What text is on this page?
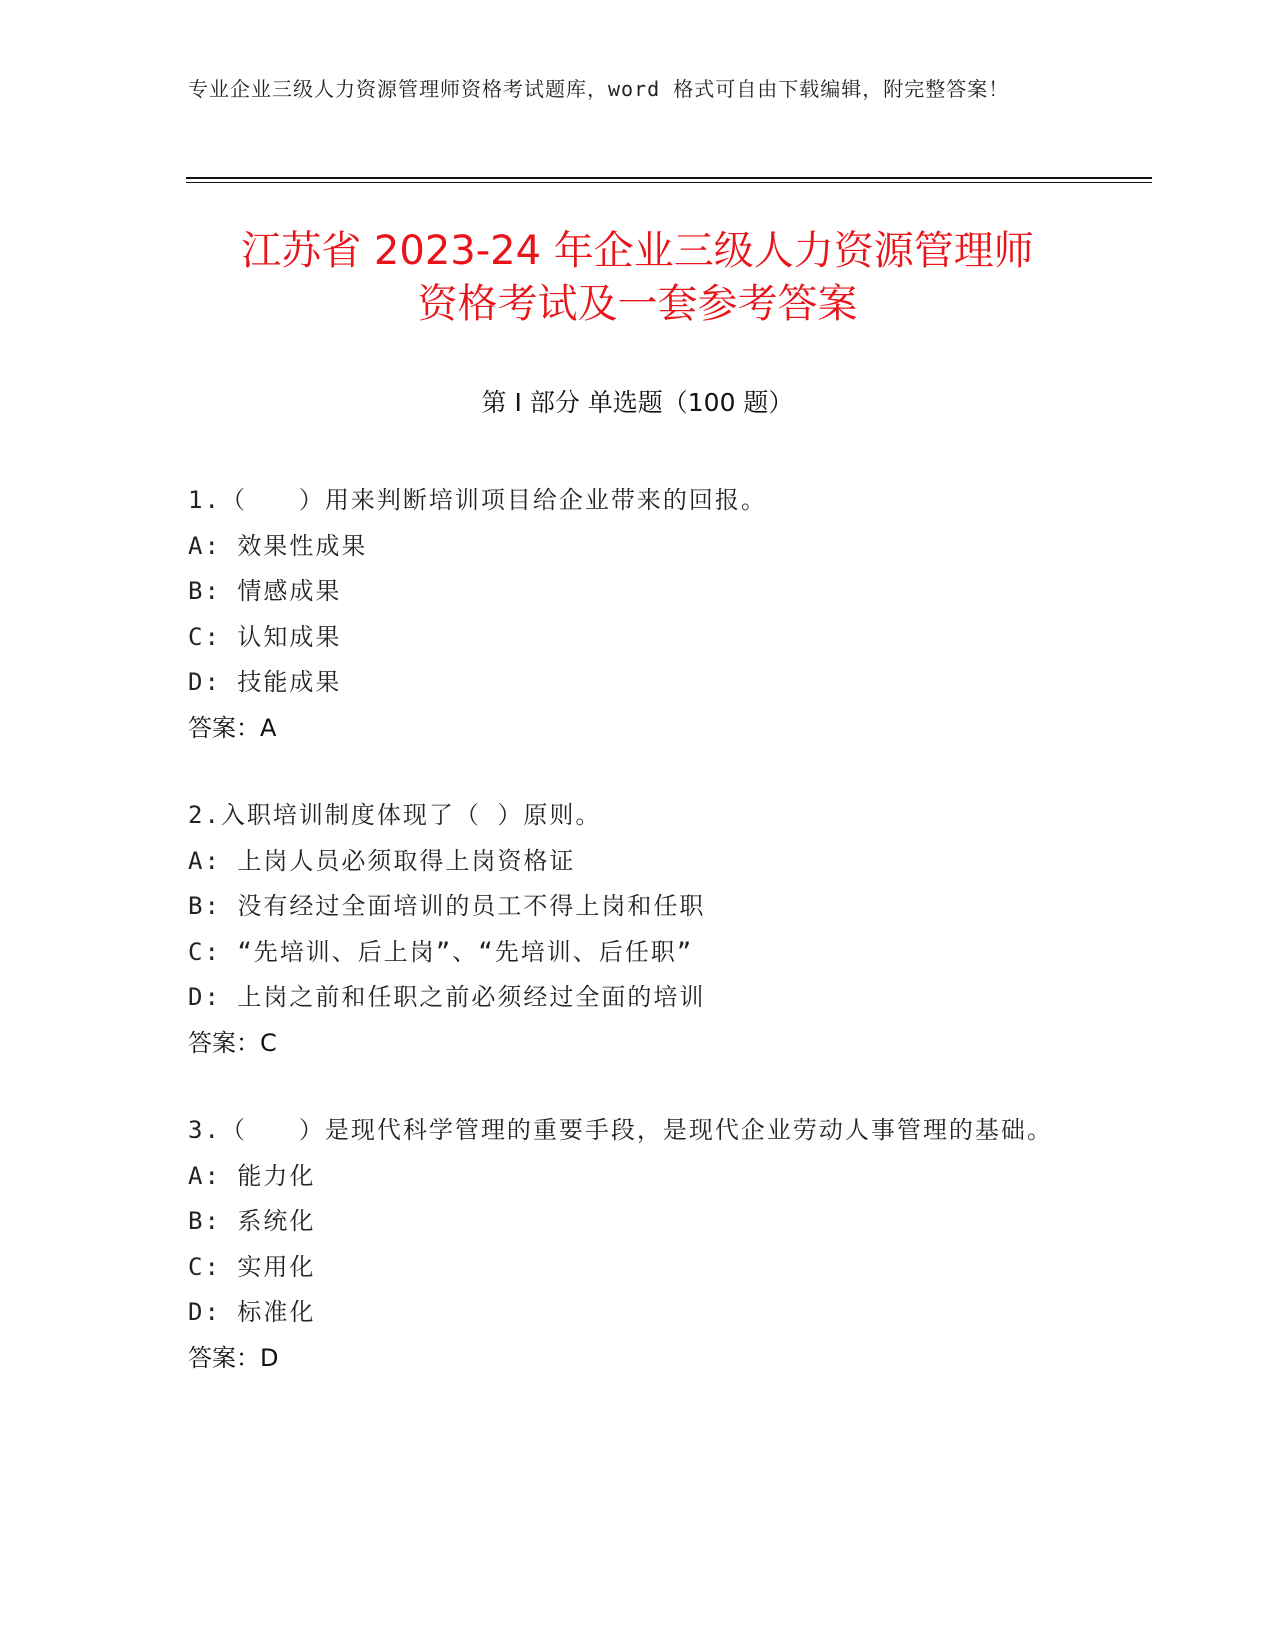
专业企业三级人力资源管理师资格考试题库，word 格式可自由下载编辑，附完整答案！
江苏省 2023-24 年企业三级人力资源管理师
资格考试及一套参考答案
第 I 部分 单选题（100 题）
1.（　　）用来判断培训项目给企业带来的回报。
A: 效果性成果
B: 情感成果
C: 认知成果
D: 技能成果
答案：A
2.入职培训制度体现了（ ）原则。
A: 上岗人员必须取得上岗资格证
B: 没有经过全面培训的员工不得上岗和任职
C: “先培训、后上岗”、“先培训、后任职”
D: 上岗之前和任职之前必须经过全面的培训
答案：C
3.（　　）是现代科学管理的重要手段，是现代企业劳动人事管理的基础。
A: 能力化
B: 系统化
C: 实用化
D: 标准化
答案：D
